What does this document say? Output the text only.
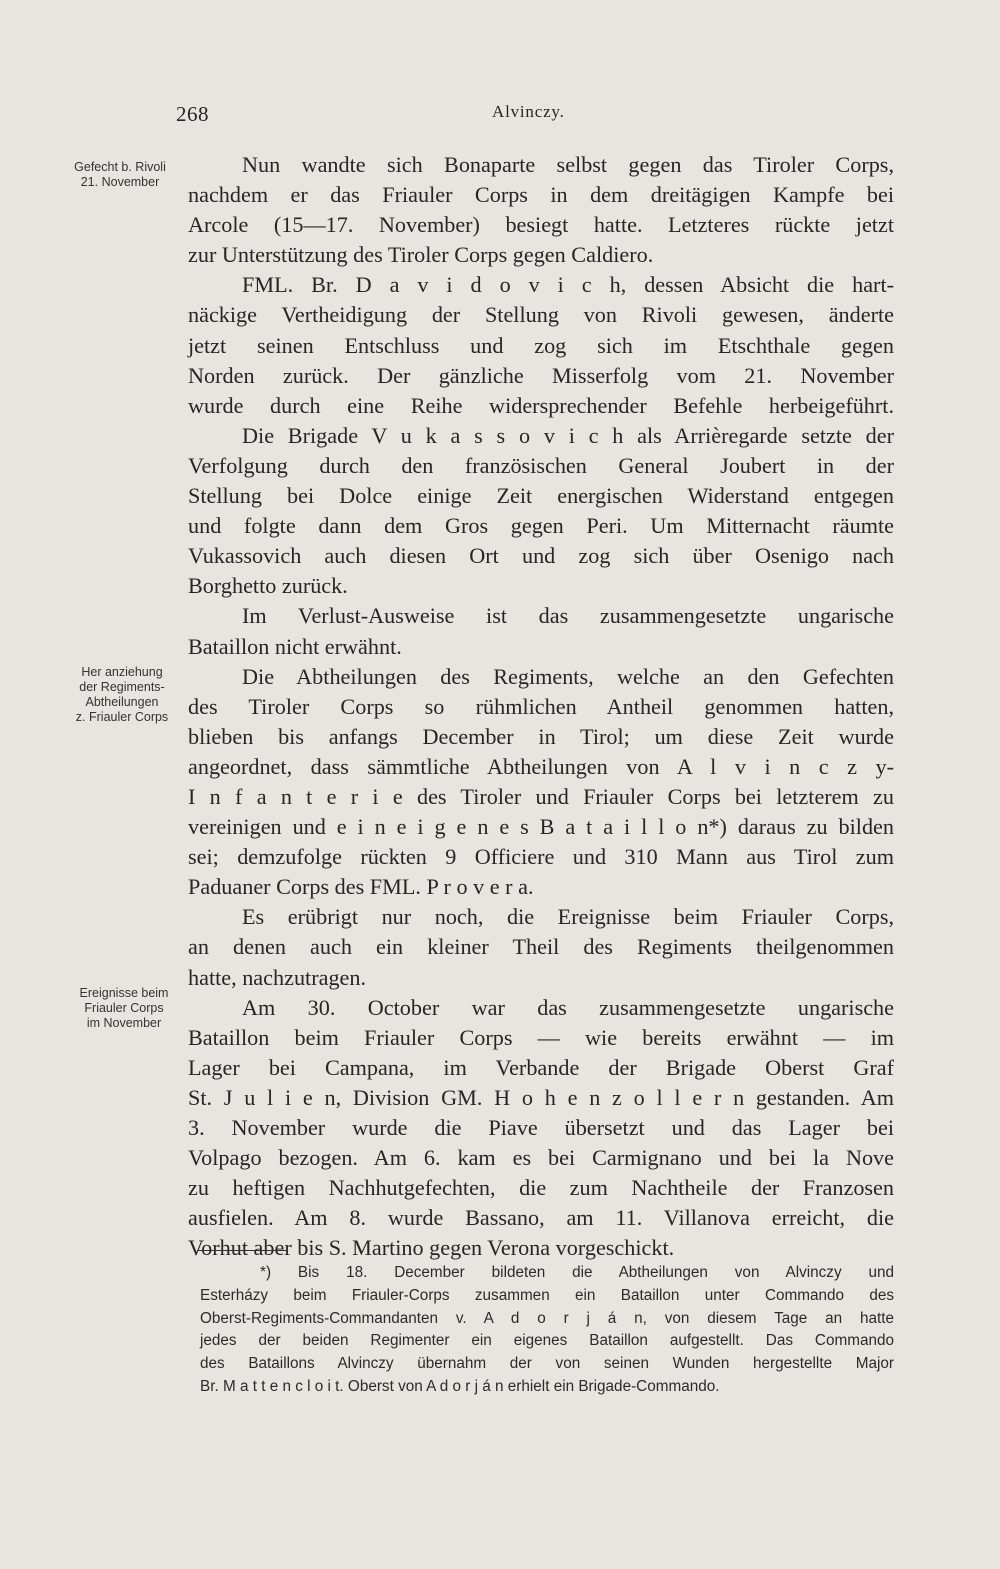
268	Alvinczy.
Gefecht b. Rivoli
21. November
Her anziehung
der Regiments-
Abtheilungen
z. Friauler Corps
Ereignisse beim
Friauler Corps
im November
Nun wandte sich Bonaparte selbst gegen das Tiroler Corps,
nachdem er das Friauler Corps in dem dreitägigen Kampfe bei
Arcole (15—17. November) besiegt hatte. Letzteres rückte jetzt
zur Unterstützung des Tiroler Corps gegen Caldiero.
FML. Br. D a v i d o v i c h, dessen Absicht die hart-
näckige Vertheidigung der Stellung von Rivoli gewesen, änderte
jetzt seinen Entschluss und zog sich im Etschthale gegen
Norden zurück. Der gänzliche Misserfolg vom 21. November
wurde durch eine Reihe widersprechender Befehle herbeigeführt.
Die Brigade V u k a s s o v i c h als Arrièregarde setzte der
Verfolgung durch den französischen General Joubert in der
Stellung bei Dolce einige Zeit energischen Widerstand entgegen
und folgte dann dem Gros gegen Peri. Um Mitternacht räumte
Vukassovich auch diesen Ort und zog sich über Osenigo nach
Borghetto zurück.
Im Verlust-Ausweise ist das zusammengesetzte ungarische
Bataillon nicht erwähnt.
Die Abtheilungen des Regiments, welche an den Gefechten
des Tiroler Corps so rühmlichen Antheil genommen hatten,
blieben bis anfangs December in Tirol; um diese Zeit wurde
angeordnet, dass sämmtliche Abtheilungen von A l v i n c z y-
I n f a n t e r i e des Tiroler und Friauler Corps bei letzterem zu
vereinigen und e i n e i g e n e s B a t a i l l o n*) daraus zu bilden
sei; demzufolge rückten 9 Officiere und 310 Mann aus Tirol zum
Paduaner Corps des FML. P r o v e r a.
Es erübrigt nur noch, die Ereignisse beim Friauler Corps,
an denen auch ein kleiner Theil des Regiments theilgenommen
hatte, nachzutragen.
Am 30. October war das zusammengesetzte ungarische
Bataillon beim Friauler Corps — wie bereits erwähnt — im
Lager bei Campana, im Verbande der Brigade Oberst Graf
St. J u l i e n, Division GM. H o h e n z o l l e r n gestanden. Am
3. November wurde die Piave übersetzt und das Lager bei
Volpago bezogen. Am 6. kam es bei Carmignano und bei la Nove
zu heftigen Nachhutgefechten, die zum Nachtheile der Franzosen
ausfielen. Am 8. wurde Bassano, am 11. Villanova erreicht, die
Vorhut aber bis S. Martino gegen Verona vorgeschickt.
*) Bis 18. December bildeten die Abtheilungen von Alvinczy und
Esterházy beim Friauler-Corps zusammen ein Bataillon unter Commando des
Oberst-Regiments-Commandanten v. A d o r j á n, von diesem Tage an hatte
jedes der beiden Regimenter ein eigenes Bataillon aufgestellt. Das Commando
des Bataillons Alvinczy übernahm der von seinen Wunden hergestellte Major
Br. M a t t e n c l o i t. Oberst von A d o r j á n erhielt ein Brigade-Commando.
